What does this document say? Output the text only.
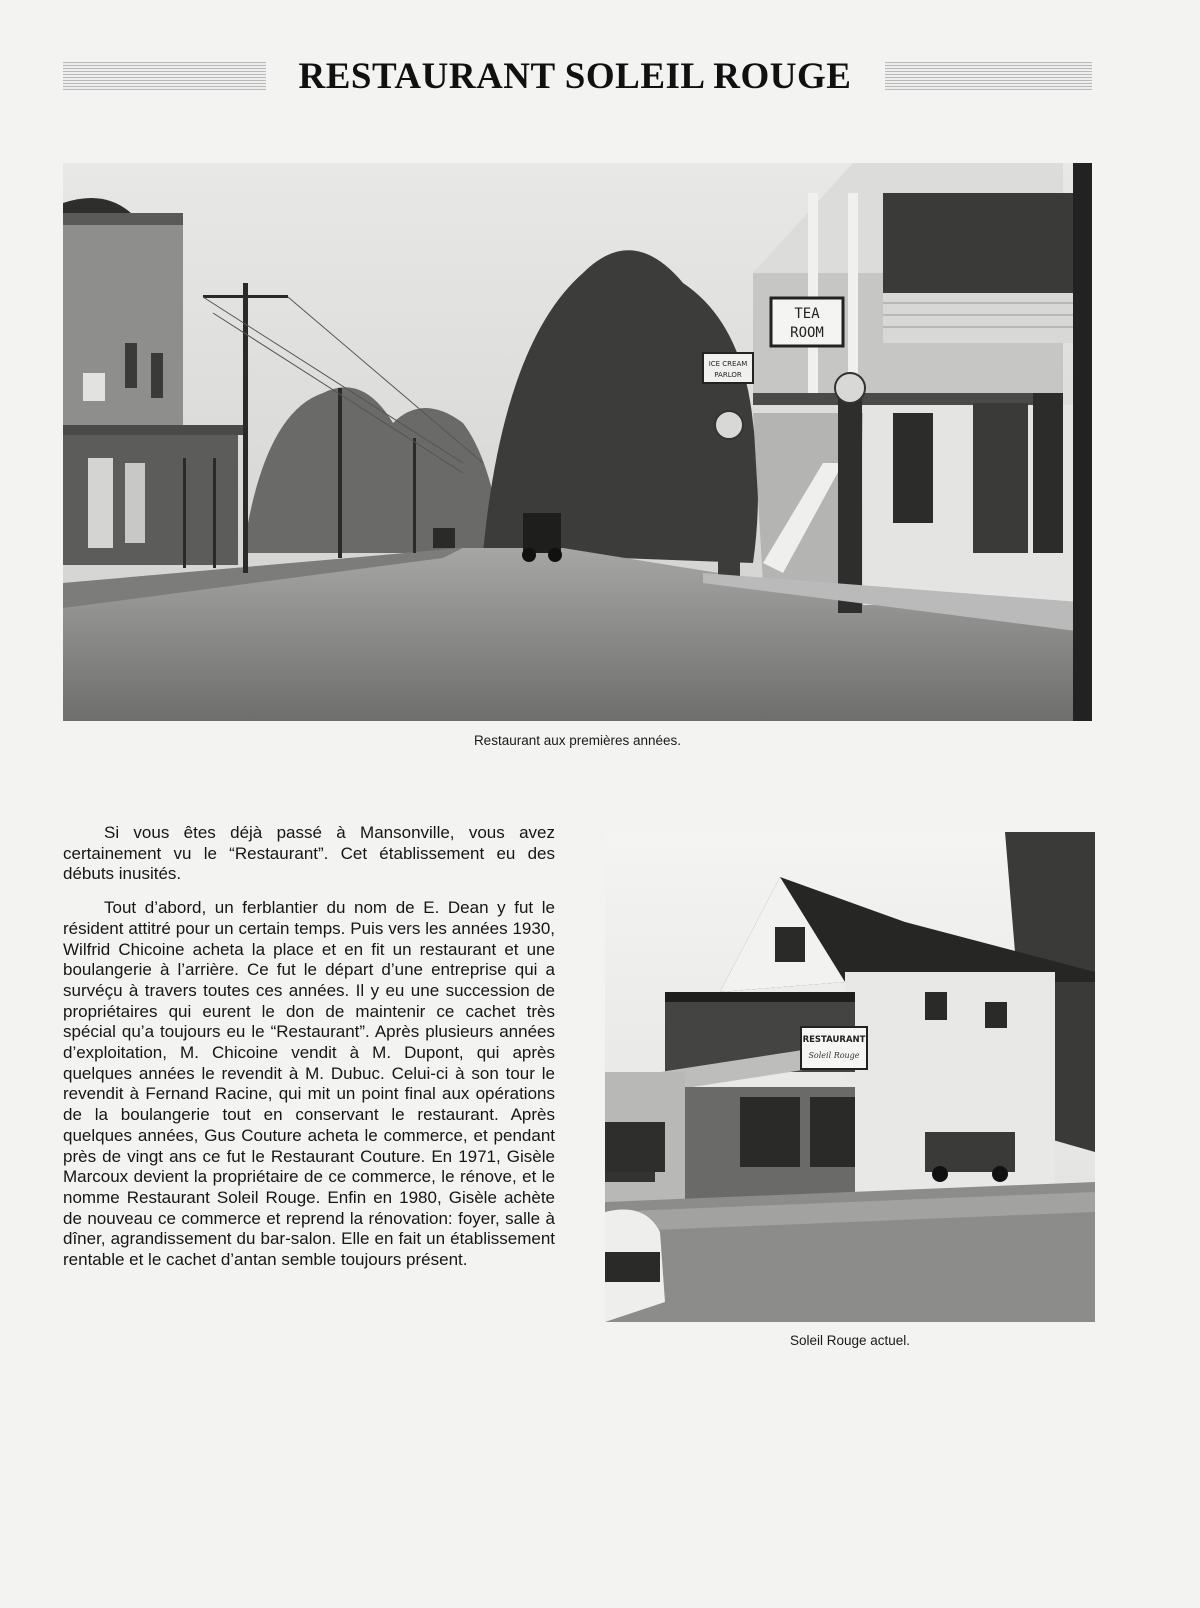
RESTAURANT SOLEIL ROUGE
TEA
ROOM
ICE CREAM
PARLOR
Restaurant aux premières années.

Si vous êtes déjà passé à Mansonville, vous avez certainement vu le “Restaurant”. Cet établissement eu des débuts inusités.

Tout d’abord, un ferblantier du nom de E. Dean y fut le résident attitré pour un certain temps. Puis vers les années 1930, Wilfrid Chicoine acheta la place et en fit un restaurant et une boulangerie à l’arrière. Ce fut le départ d’une entreprise qui a survéçu à travers toutes ces années. Il y eu une succession de propriétaires qui eurent le don de maintenir ce cachet très spécial qu’a toujours eu le “Restaurant”. Après plusieurs années d’exploitation, M. Chicoine vendit à M. Dupont, qui après quelques années le revendit à M. Dubuc. Celui-ci à son tour le revendit à Fernand Racine, qui mit un point final aux opérations de la boulangerie tout en conservant le restaurant. Après quelques années, Gus Couture acheta le commerce, et pendant près de vingt ans ce fut le Restaurant Couture. En 1971, Gisèle Marcoux devient la propriétaire de ce commerce, le rénove, et le nomme Restaurant Soleil Rouge. Enfin en 1980, Gisèle achète de nouveau ce commerce et reprend la rénovation: foyer, salle à dîner, agrandissement du bar-salon. Elle en fait un établissement rentable et le cachet d’antan semble toujours présent.

RESTAURANT
Soleil Rouge
Soleil Rouge actuel.
